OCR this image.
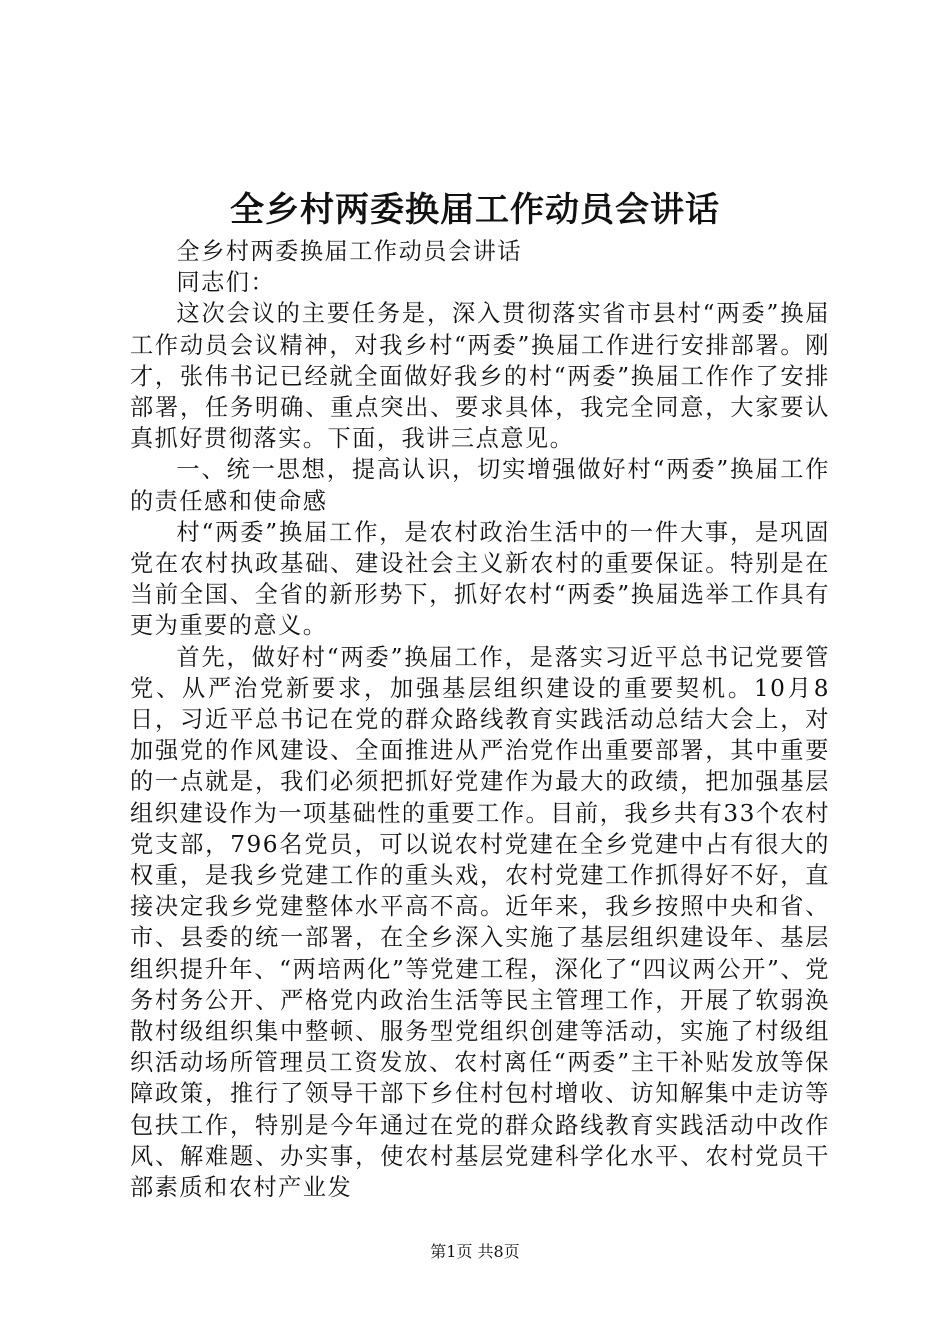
全乡村两委换届工作动员会讲话

全乡村两委换届工作动员会讲话

同志们：

这次会议的主要任务是，深入贯彻落实省市县村“两委”换届工作动员会议精神，对我乡村“两委”换届工作进行安排部署。刚才，张伟书记已经就全面做好我乡的村“两委”换届工作作了安排部署，任务明确、重点突出、要求具体，我完全同意，大家要认真抓好贯彻落实。下面，我讲三点意见。

一、统一思想，提高认识，切实增强做好村“两委”换届工作的责任感和使命感

村“两委”换届工作，是农村政治生活中的一件大事，是巩固党在农村执政基础、建设社会主义新农村的重要保证。特别是在当前全国、全省的新形势下，抓好农村“两委”换届选举工作具有更为重要的意义。

首先，做好村“两委”换届工作，是落实习近平总书记党要管党、从严治党新要求，加强基层组织建设的重要契机。10月8日，习近平总书记在党的群众路线教育实践活动总结大会上，对加强党的作风建设、全面推进从严治党作出重要部署，其中重要的一点就是，我们必须把抓好党建作为最大的政绩，把加强基层组织建设作为一项基础性的重要工作。目前，我乡共有33个农村党支部，796名党员，可以说农村党建在全乡党建中占有很大的权重，是我乡党建工作的重头戏，农村党建工作抓得好不好，直接决定我乡党建整体水平高不高。近年来，我乡按照中央和省、市、县委的统一部署，在全乡深入实施了基层组织建设年、基层组织提升年、“两培两化”等党建工程，深化了“四议两公开”、党务村务公开、严格党内政治生活等民主管理工作，开展了软弱涣散村级组织集中整顿、服务型党组织创建等活动，实施了村级组织活动场所管理员工资发放、农村离任“两委”主干补贴发放等保障政策，推行了领导干部下乡住村包村增收、访知解集中走访等包扶工作，特别是今年通过在党的群众路线教育实践活动中改作风、解难题、办实事，使农村基层党建科学化水平、农村党员干部素质和农村产业发

第1页 共8页
